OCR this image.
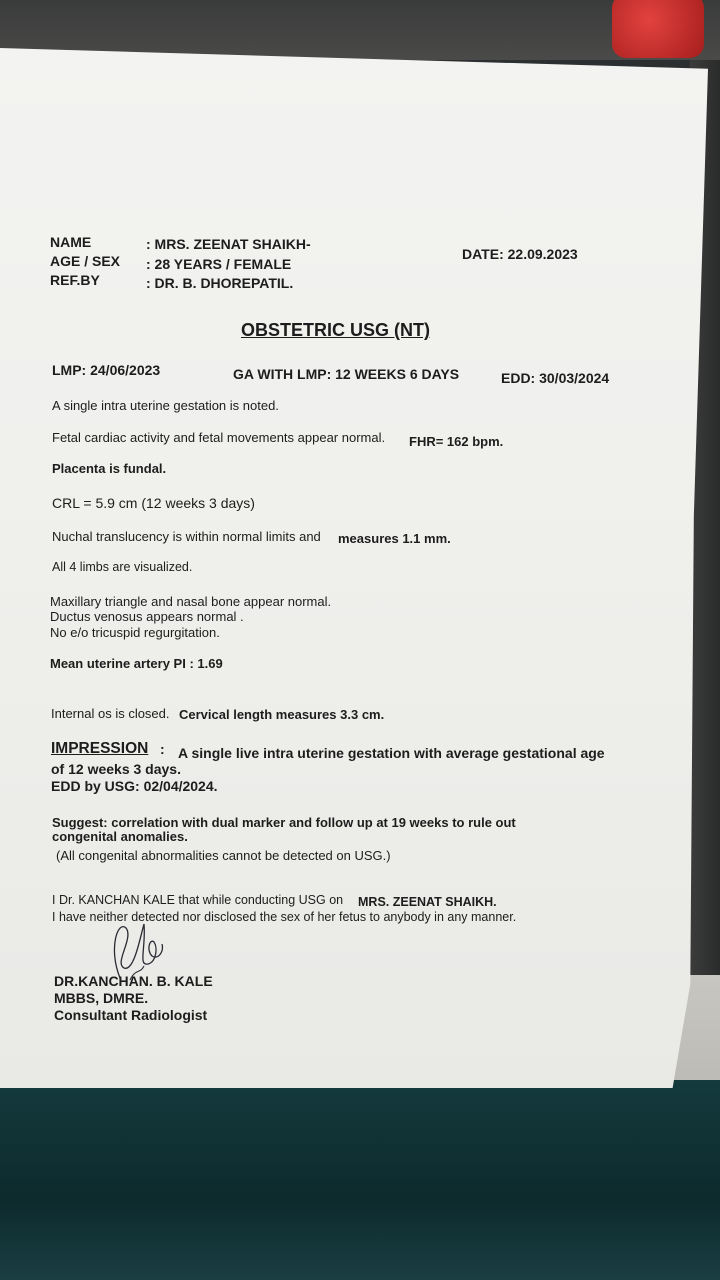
NAME	: MRS. ZEENAT SHAIKH-
AGE / SEX : 28 YEARS / FEMALE
REF.BY	: DR. B. DHOREPATIL.
DATE: 22.09.2023
OBSTETRIC USG (NT)
LMP: 24/06/2023	GA WITH LMP: 12 WEEKS 6 DAYS	EDD: 30/03/2024
A single intra uterine gestation is noted.
Fetal cardiac activity and fetal movements appear normal. FHR= 162 bpm.
Placenta is fundal.
CRL = 5.9 cm (12 weeks 3 days)
Nuchal translucency is within normal limits and measures 1.1 mm.
All 4 limbs are visualized.
Maxillary triangle and nasal bone appear normal.
Ductus venosus appears normal .
No e/o tricuspid regurgitation.
Mean uterine artery PI : 1.69
Internal os is closed. Cervical length measures 3.3 cm.
IMPRESSION : A single live intra uterine gestation with average gestational age
of 12 weeks 3 days.
EDD by USG: 02/04/2024.
Suggest: correlation with dual marker and follow up at 19 weeks to rule out
congenital anomalies.
(All congenital abnormalities cannot be detected on USG.)
I Dr. KANCHAN KALE that while conducting USG on MRS. ZEENAT SHAIKH.
I have neither detected nor disclosed the sex of her fetus to anybody in any manner.
DR.KANCHAN. B. KALE
MBBS, DMRE.
Consultant Radiologist
